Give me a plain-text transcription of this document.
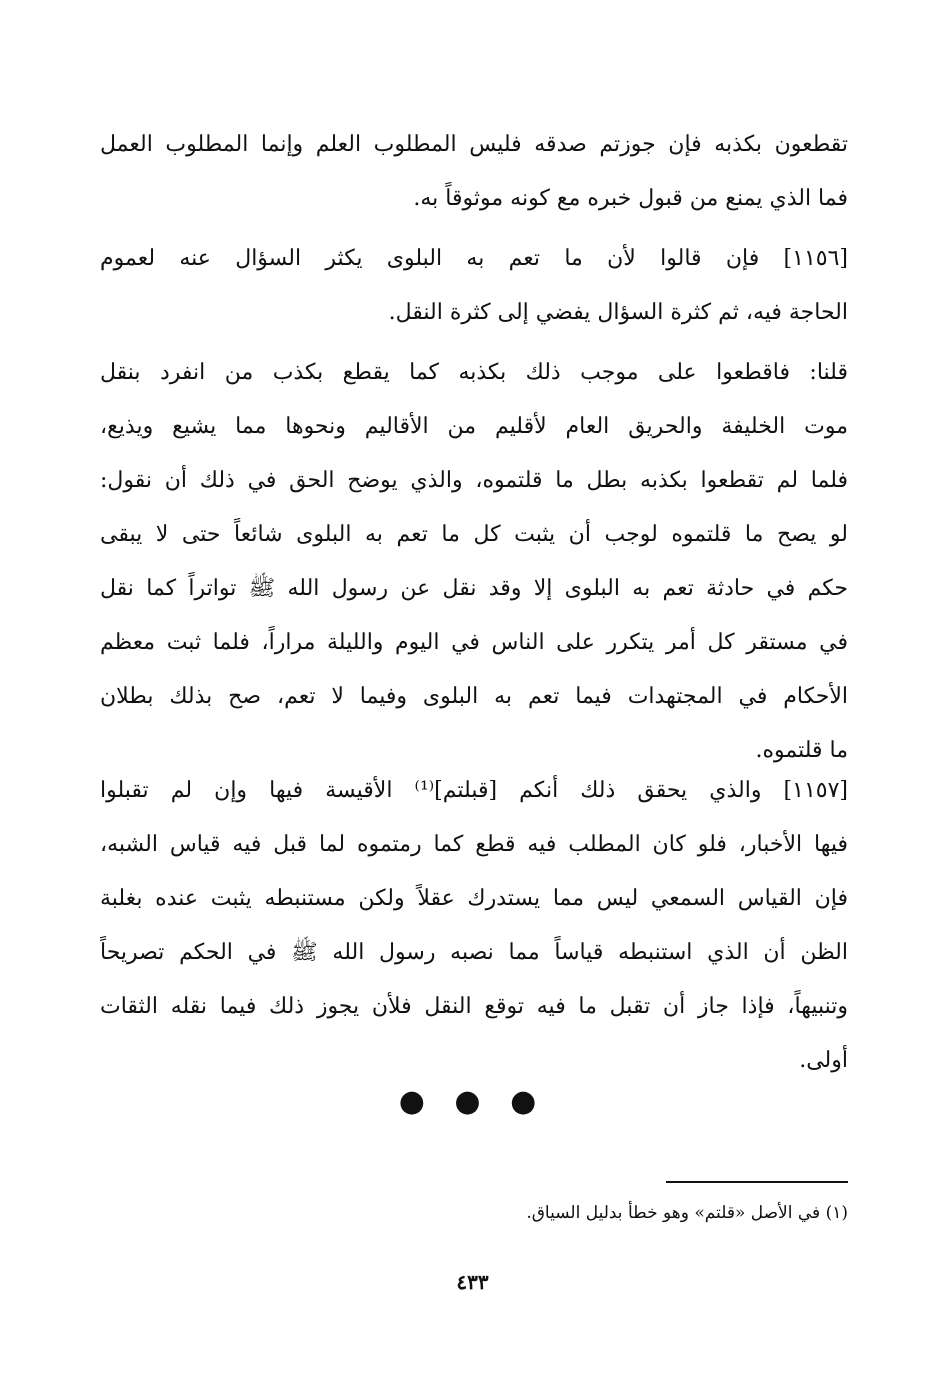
تقطعون بكذبه فإن جوزتم صدقه فليس المطلوب العلم وإنما المطلوب العمل
فما الذي يمنع من قبول خبره مع كونه موثوقاً به.
[١١٥٦] فإن قالوا لأن ما تعم به البلوى يكثر السؤال عنه لعموم
الحاجة فيه، ثم كثرة السؤال يفضي إلى كثرة النقل.
قلنا: فاقطعوا على موجب ذلك بكذبه كما يقطع بكذب من انفرد بنقل
موت الخليفة والحريق العام لأقليم من الأقاليم ونحوها مما يشيع ويذيع،
فلما لم تقطعوا بكذبه بطل ما قلتموه، والذي يوضح الحق في ذلك أن نقول:
لو يصح ما قلتموه لوجب أن يثبت كل ما تعم به البلوى شائعاً حتى لا يبقى
حكم في حادثة تعم به البلوى إلا وقد نقل عن رسول الله ﷺ تواتراً كما نقل
في مستقر كل أمر يتكرر على الناس في اليوم والليلة مراراً، فلما ثبت معظم
الأحكام في المجتهدات فيما تعم به البلوى وفيما لا تعم، صح بذلك بطلان
ما قلتموه.
[١١٥٧] والذي يحقق ذلك أنكم [قبلتم]⁽¹⁾ الأقيسة فيها وإن لم تقبلوا
فيها الأخبار، فلو كان المطلب فيه قطع كما رمتموه لما قبل فيه قياس الشبه،
فإن القياس السمعي ليس مما يستدرك عقلاً ولكن مستنبطه يثبت عنده بغلبة
الظن أن الذي استنبطه قياساً مما نصبه رسول الله ﷺ في الحكم تصريحاً
وتنبيهاً، فإذا جاز أن تقبل ما فيه توقع النقل فلأن يجوز ذلك فيما نقله الثقات
أولى.
● ● ●
(١) في الأصل «قلتم» وهو خطأ بدليل السياق.
٤٣٣
